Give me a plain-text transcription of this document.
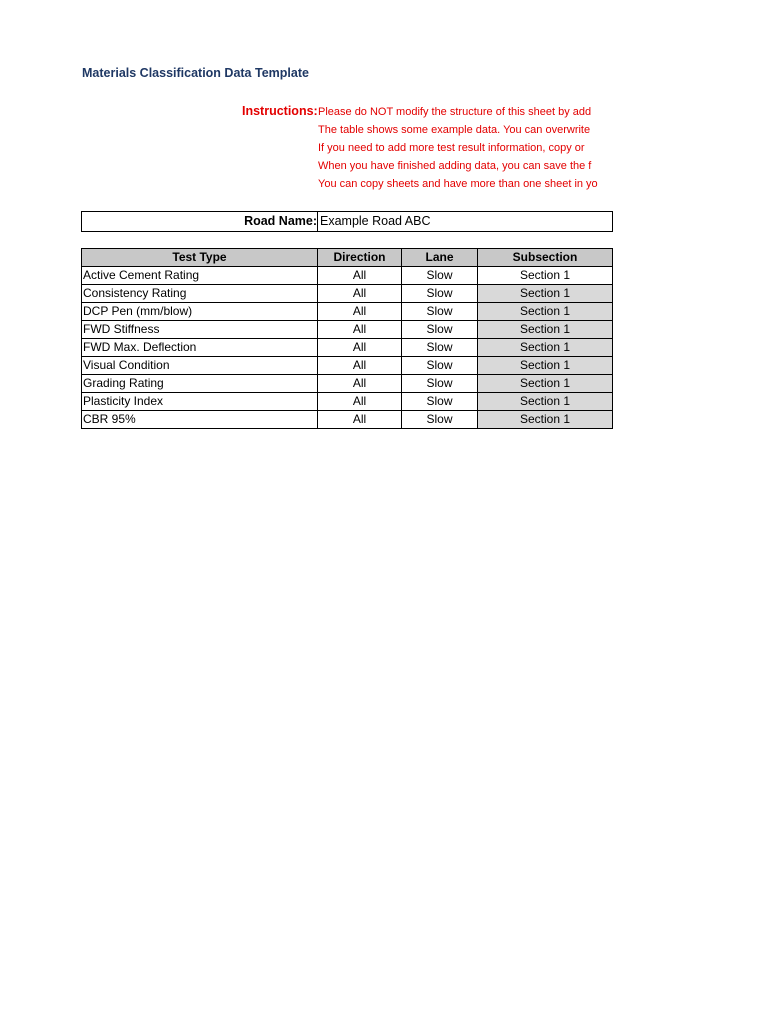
Materials Classification Data Template
Instructions: Please do NOT modify the structure of this sheet by add
The table shows some example data. You can overwrite
If you need to add more test result information, copy or
When you have finished adding data, you can save the f
You can copy sheets and have more than one sheet in yo
Road Name: Example Road ABC
Test Type	Direction	Lane	Subsection
Active Cement Rating	All	Slow	Section 1
Consistency Rating	All	Slow	Section 1
DCP Pen (mm/blow)	All	Slow	Section 1
FWD Stiffness	All	Slow	Section 1
FWD Max. Deflection	All	Slow	Section 1
Visual Condition	All	Slow	Section 1
Grading Rating	All	Slow	Section 1
Plasticity Index	All	Slow	Section 1
CBR 95%	All	Slow	Section 1
